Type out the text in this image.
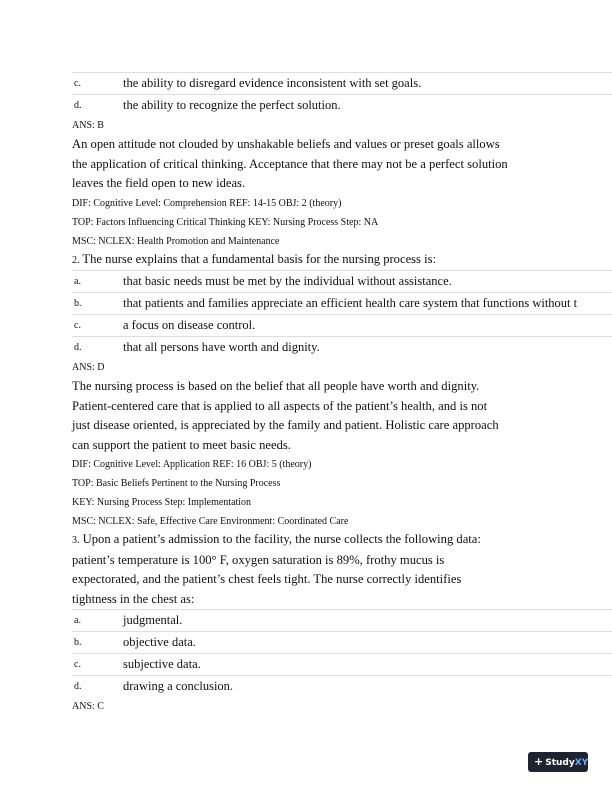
c.	the ability to disregard evidence inconsistent with set goals.
d.	the ability to recognize the perfect solution.
ANS: B
An open attitude not clouded by unshakable beliefs and values or preset goals allows
the application of critical thinking. Acceptance that there may not be a perfect solution
leaves the field open to new ideas.
DIF: Cognitive Level: Comprehension REF: 14-15 OBJ: 2 (theory)
TOP: Factors Influencing Critical Thinking KEY: Nursing Process Step: NA
MSC: NCLEX: Health Promotion and Maintenance
2. The nurse explains that a fundamental basis for the nursing process is:
a.	that basic needs must be met by the individual without assistance.
b.	that patients and families appreciate an efficient health care system that functions without t
c.	a focus on disease control.
d.	that all persons have worth and dignity.
ANS: D
The nursing process is based on the belief that all people have worth and dignity.
Patient-centered care that is applied to all aspects of the patient’s health, and is not
just disease oriented, is appreciated by the family and patient. Holistic care approach
can support the patient to meet basic needs.
DIF: Cognitive Level: Application REF: 16 OBJ: 5 (theory)
TOP: Basic Beliefs Pertinent to the Nursing Process
KEY: Nursing Process Step: Implementation
MSC: NCLEX: Safe, Effective Care Environment: Coordinated Care
3. Upon a patient’s admission to the facility, the nurse collects the following data:
patient’s temperature is 100° F, oxygen saturation is 89%, frothy mucus is
expectorated, and the patient’s chest feels tight. The nurse correctly identifies
tightness in the chest as:
a.	judgmental.
b.	objective data.
c.	subjective data.
d.	drawing a conclusion.
ANS: C
+ StudyXY
